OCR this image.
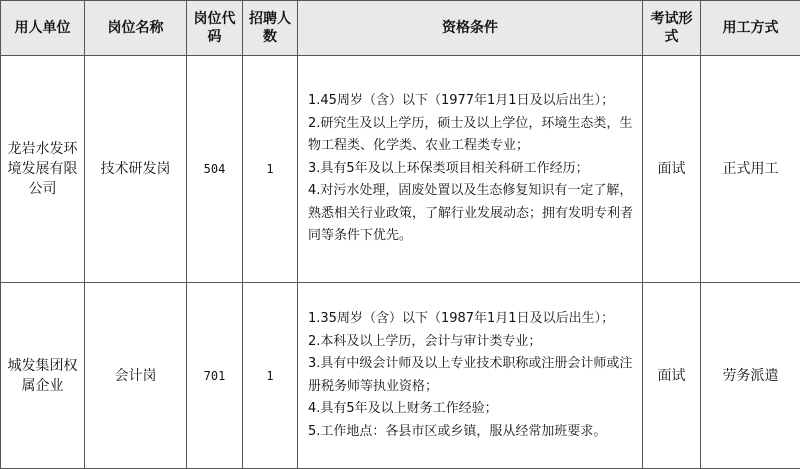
用人单位	岗位名称	岗位代码	招聘人数	资格条件	考试形式	用工方式
龙岩水发环境发展有限公司	技术研发岗	504	1	1.45周岁（含）以下（1977年1月1日及以后出生）；
2.研究生及以上学历，硕士及以上学位，环境生态类，生物工程类、化学类、农业工程类专业；
3.具有5年及以上环保类项目相关科研工作经历；
4.对污水处理，固废处置以及生态修复知识有一定了解，熟悉相关行业政策，了解行业发展动态；拥有发明专利者同等条件下优先。	面试	正式用工
城发集团权属企业	会计岗	701	1	1.35周岁（含）以下（1987年1月1日及以后出生）；
2.本科及以上学历，会计与审计类专业；
3.具有中级会计师及以上专业技术职称或注册会计师或注册税务师等执业资格；
4.具有5年及以上财务工作经验；
5.工作地点：各县市区或乡镇，服从经常加班要求。	面试	劳务派遣
